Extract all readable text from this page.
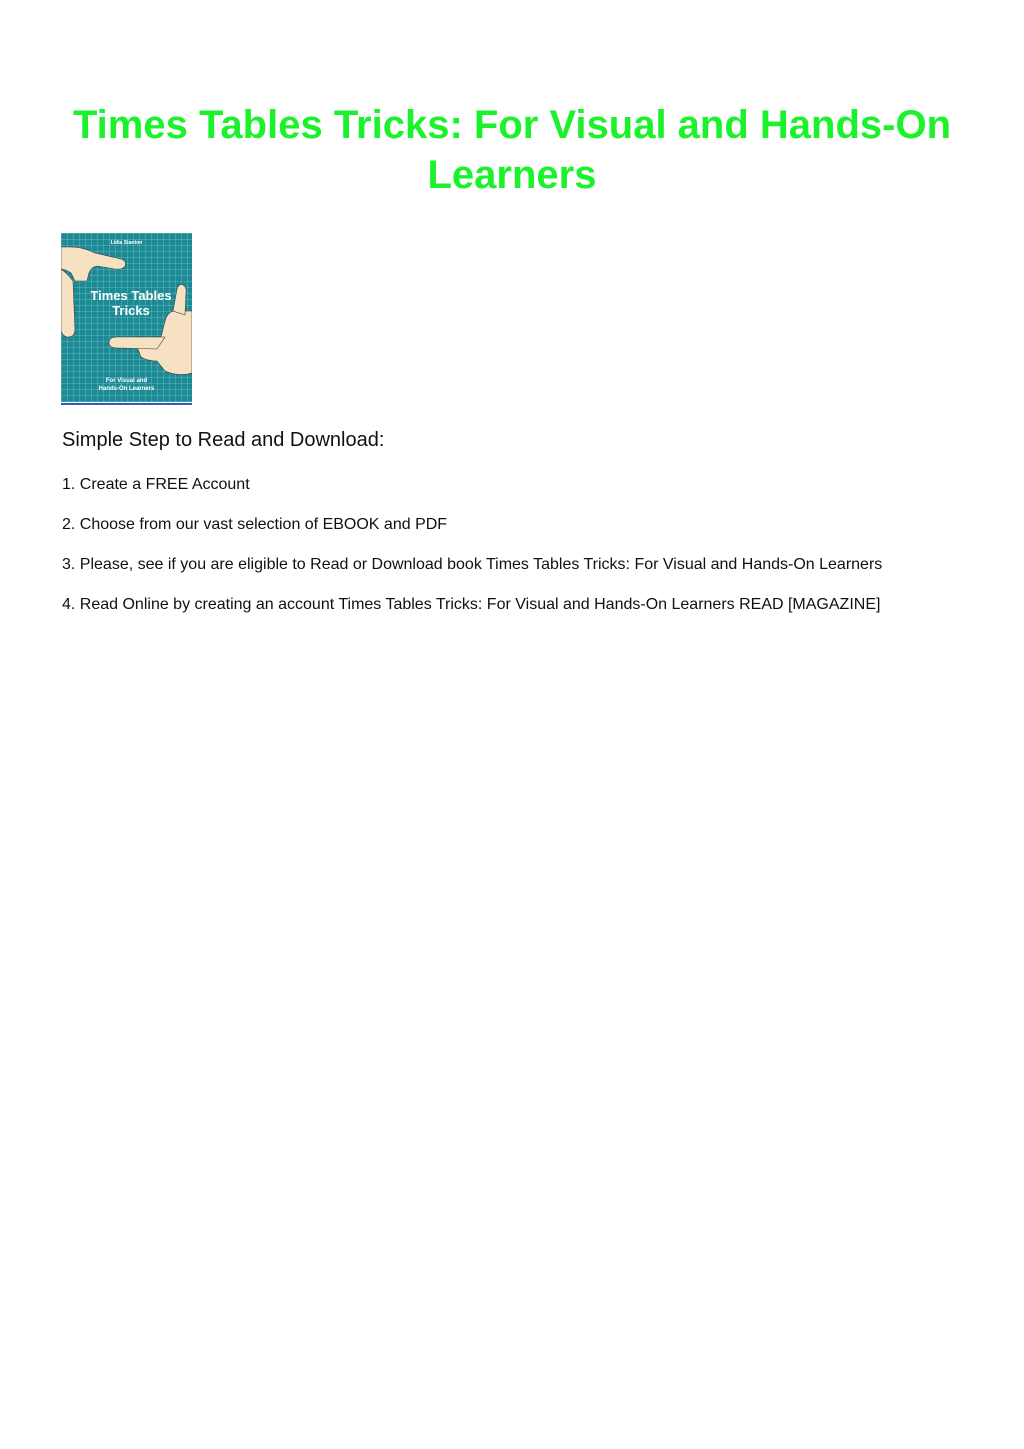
Times Tables Tricks: For Visual and Hands-On Learners
Lidia Stanton
Times Tables Tricks
For Visual and
Hands-On Learners
Simple Step to Read and Download:
1. Create a FREE Account
2. Choose from our vast selection of EBOOK and PDF
3. Please, see if you are eligible to Read or Download book Times Tables Tricks: For Visual and Hands-On Learners
4. Read Online by creating an account Times Tables Tricks: For Visual and Hands-On Learners READ [MAGAZINE]
